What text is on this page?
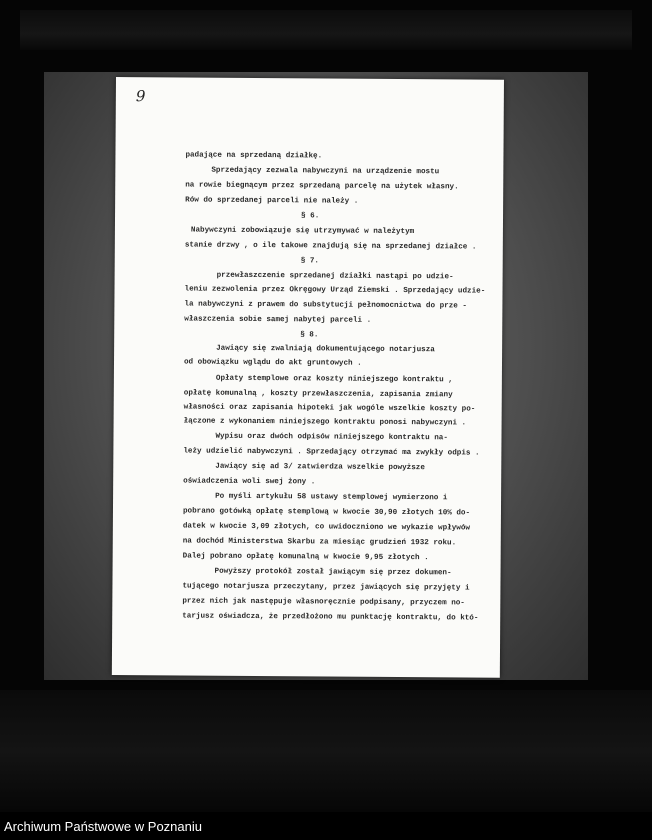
9
padające na sprzedaną działkę.
Sprzedający zezwala nabywczyni na urządzenie mostu
na rowie biegnącym przez sprzedaną parcelę na użytek własny.
Rów do sprzedanej parceli nie należy .
§ 6.
Nabywczyni zobowiązuje się utrzymywać w należytym
stanie drzwy , o ile takowe znajdują się na sprzedanej działce .
§ 7.
przewłaszczenie sprzedanej działki nastąpi po udzie-
leniu zezwolenia przez Okręgowy Urząd Ziemski . Sprzedający udzie-
la nabywczyni z prawem do substytucji pełnomocnictwa do prze -
właszczenia sobie samej nabytej parceli .
§ 8.
Jawiący się zwalniają dokumentującego notarjusza
od obowiązku wglądu do akt gruntowych .
Opłaty stemplowe oraz koszty niniejszego kontraktu ,
opłatę komunalną , koszty przewłaszczenia, zapisania zmiany
własności oraz zapisania hipoteki jak wogóle wszelkie koszty po-
łączone z wykonaniem niniejszego kontraktu ponosi nabywczyni .
Wypisu oraz dwóch odpisów niniejszego kontraktu na-
leży udzielić nabywczyni . Sprzedający otrzymać ma zwykły odpis .
Jawiący się ad 3/ zatwierdza wszelkie powyższe
oświadczenia woli swej żony .
Po myśli artykułu 58 ustawy stemplowej wymierzono i
pobrano gotówką opłatę stemplową w kwocie 30,90 złotych 10% do-
datek w kwocie 3,09 złotych, co uwidoczniono we wykazie wpływów
na dochód Ministerstwa Skarbu za miesiąc grudzień 1932 roku.
Dalej pobrano opłatę komunalną w kwocie 9,95 złotych .
Powyższy protokół został jawiącym się przez dokumen-
tującego notarjusza przeczytany, przez jawiących się przyjęty i
przez nich jak następuje własnoręcznie podpisany, przyczem no-
tarjusz oświadcza, że przedłożono mu punktację kontraktu, do któ-
Archiwum Państwowe w Poznaniu
